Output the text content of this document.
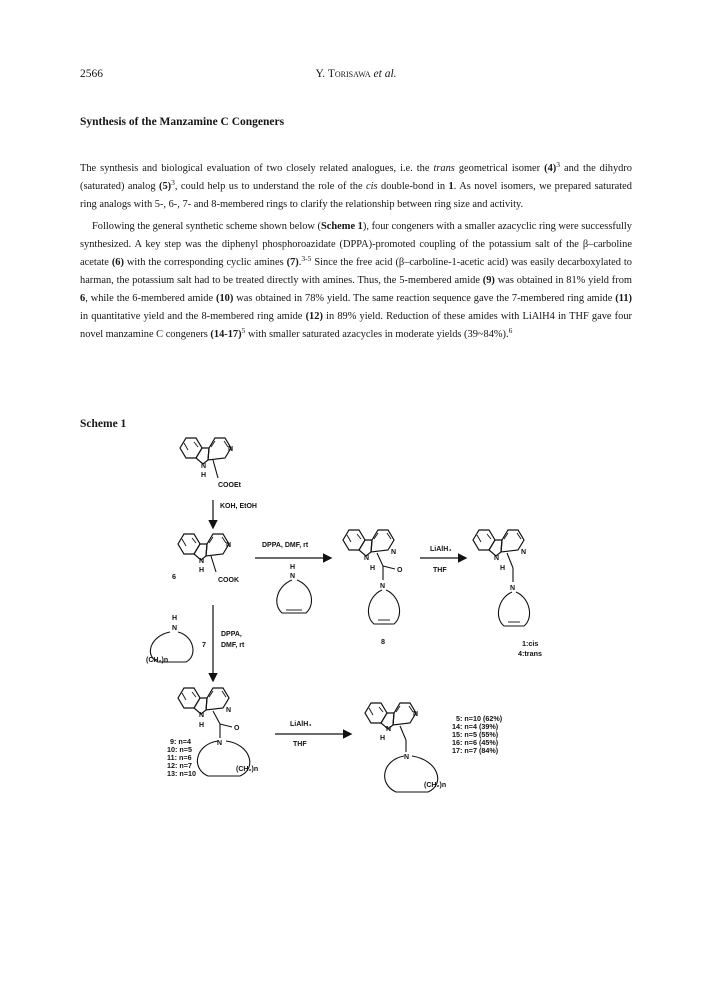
2566	Y. Torisawa et al.
Synthesis of the Manzamine C Congeners

The synthesis and biological evaluation of two closely related analogues, i.e. the trans geometrical isomer $(4)^3$ and the dihydro (saturated) analog $(5)^3$, could help us to understand the role of the cis double-bond in 1. As novel isomers, we prepared saturated ring analogs with 5-, 6-, 7- and 8-membered rings to clarify the relationship between ring size and activity.

Following the general synthetic scheme shown below (Scheme 1), four congeners with a smaller azacyclic ring were successfully synthesized. A key step was the diphenyl phosphoroazidate (DPPA)-promoted coupling of the potassium salt of the β–carboline acetate (6) with the corresponding cyclic amines (7).$^{3-5}$ Since the free acid (β–carboline-1-acetic acid) was easily decarboxylated to harman, the potassium salt had to be treated directly with amines. Thus, the 5-membered amide (9) was obtained in 81% yield from 6, while the 6-membered amide (10) was obtained in 78% yield. The same reaction sequence gave the 7-membered ring amide (11) in quantitative yield and the 8-membered ring amide (12) in 89% yield. Reduction of these amides with LiAlH4 in THF gave four novel manzamine C congeners $(14-17)^5$ with smaller saturated azacycles in moderate yields (39~84%).$^6$

Scheme 1
N
N
H
COOEt
KOH, EtOH
N
N
H
COOK
6
DPPA, DMF, rt
H
N
N
N
H	O
N
8
LiAlH₄
THF
N
N
H
N
1:cis
4:trans
H
N
(CH₂)n
7
DPPA,
DMF, rt
N
N
H	O
N
(CH₂)n
9: n=4
10: n=5
11: n=6
12: n=7
13: n=10
LiAlH₄
THF
N
N
H
N
(CH₂)n
5: n=10 (62%)
14: n=4 (39%)
15: n=5 (55%)
16: n=6 (45%)
17: n=7 (84%)
